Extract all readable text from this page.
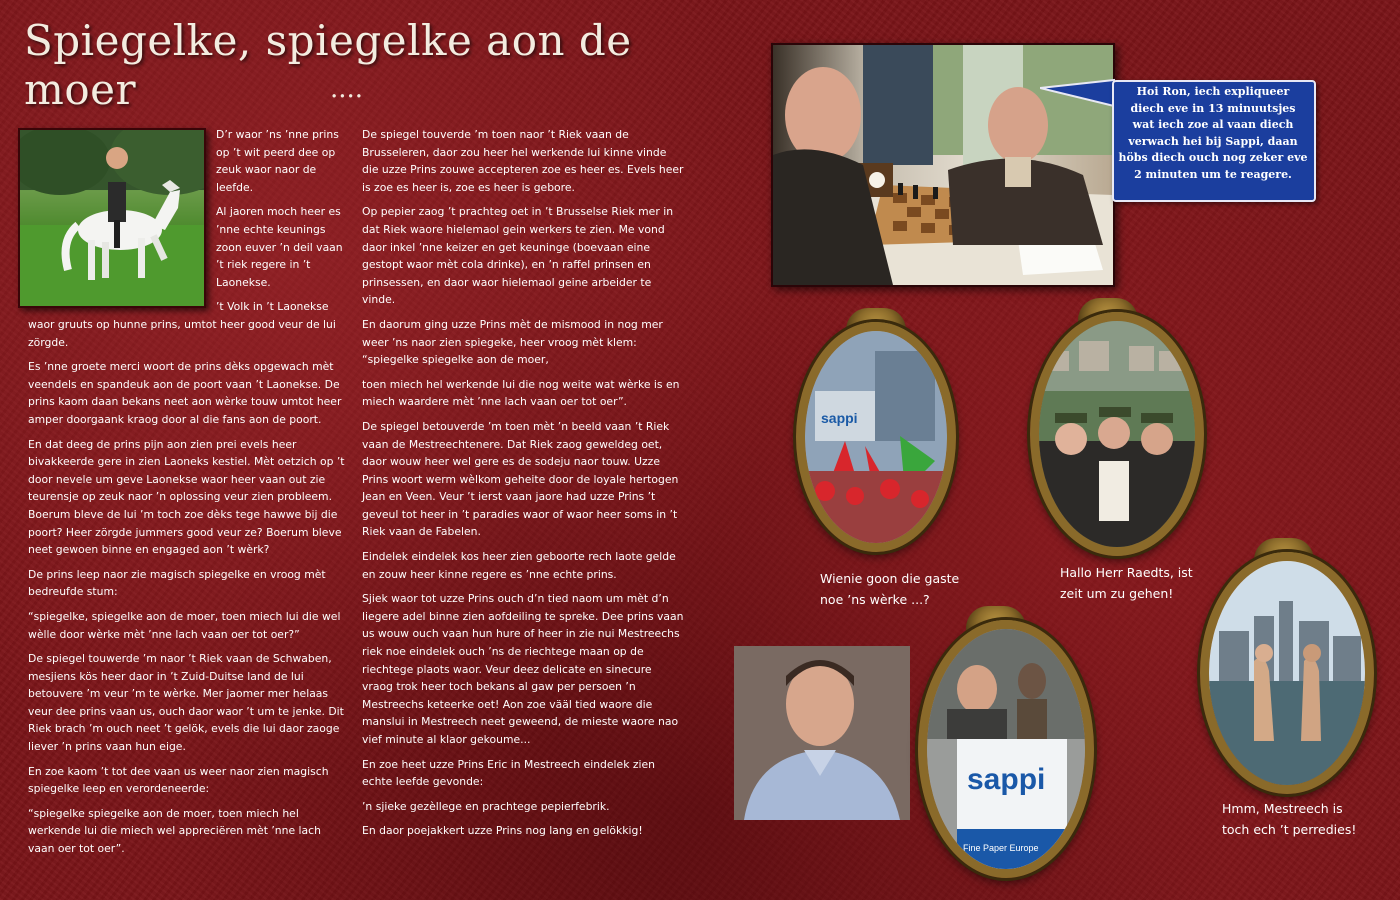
Spiegelke, spiegelke aon de moer	....

D’r waor ’ns ’nne prins op ’t wit peerd dee op zeuk waor naor de leefde.

Al jaoren moch heer es ’nne echte keunings zoon euver ’n deil vaan ’t riek regere in ’t Laonekse.

’t Volk in ’t Laonekse

waor gruuts op hunne prins, umtot heer good veur de lui zörgde.

Es ’nne groete merci woort de prins dèks opgewach mèt veendels en spandeuk aon de poort vaan ’t Laonekse. De prins kaom daan bekans neet aon wèrke touw umtot heer amper doorgaank kraog door al die fans aon de poort.

En dat deeg de prins pijn aon zien prei evels heer bivakkeerde gere in zien Laoneks kestiel. Mèt oetzich op ’t door nevele um geve Laonekse waor heer vaan out zie teurensje op zeuk naor ’n oplossing veur zien probleem. Boerum bleve de lui ’m toch zoe dèks tege hawwe bij die poort? Heer zörgde jummers good veur ze? Boerum bleve neet gewoen binne en engaged aon ’t wèrk?

De prins leep naor zie magisch spiegelke en vroog mèt bedreufde stum:

“spiegelke, spiegelke aon de moer, toen miech lui die wel wèlle door wèrke mèt ’nne lach vaan oer tot oer?”

De spiegel touwerde ’m naor ’t Riek vaan de Schwaben, mesjiens kös heer daor in ’t Zuid-Duitse land de lui betouvere ’m veur ’m te wèrke. Mer jaomer mer helaas veur dee prins vaan us, ouch daor waor ’t um te jenke. Dit Riek brach ’m ouch neet ’t gelök, evels die lui daor zaoge liever ’n prins vaan hun eige.

En zoe kaom ’t tot dee vaan us weer naor zien magisch spiegelke leep en verordeneerde:

“spiegelke spiegelke aon de moer, toen miech hel werkende lui die miech wel appreciëren mèt ’nne lach vaan oer tot oer”.

De spiegel touverde ’m toen naor ’t Riek vaan de Brusseleren, daor zou heer hel werkende lui kinne vinde die uzze Prins zouwe accepteren zoe es heer es. Evels heer is zoe es heer is, zoe es heer is gebore.

Op pepier zaog ’t prachteg oet in ’t Brusselse Riek mer in dat Riek waore hielemaol gein werkers te zien. Me vond daor inkel ’nne keizer en get keuninge (boevaan eine gestopt waor mèt cola drinke), en ’n raffel prinsen en prinsessen, en daor waor hielemaol geine arbeider te vinde.

En daorum ging uzze Prins mèt de mismood in nog mer weer ’ns naor zien spiegeke, heer vroog mèt klem: “spiegelke spiegelke aon de moer,

toen miech hel werkende lui die nog weite wat wèrke is en miech waardere mèt ’nne lach vaan oer tot oer”.

De spiegel betouverde ’m toen mèt ’n beeld vaan ’t Riek vaan de Mestreechtenere. Dat Riek zaog geweldeg oet, daor wouw heer wel gere es de sodeju naor touw. Uzze Prins woort werm wèlkom geheite door de loyale hertogen Jean en Veen. Veur ’t ierst vaan jaore had uzze Prins ’t geveul tot heer in ’t paradies waor of waor heer soms in ’t Riek vaan de Fabelen.

Eindelek eindelek kos heer zien geboorte rech laote gelde en zouw heer kinne regere es ’nne echte prins.

Sjiek waor tot uzze Prins ouch d’n tied naom um mèt d’n liegere adel binne zien aofdeiling te spreke. Dee prins vaan us wouw ouch vaan hun hure of heer in zie nui Mestreechs riek noe eindelek ouch ’ns de riechtege maan op de riechtege plaots waor. Veur deez delicate en sinecure vraog trok heer toch bekans al gaw per persoen ’n Mestreechs keteerke oet! Aon zoe vääl tied waore die manslui in Mestreech neet geweend, de mieste waore nao vief minute al klaor gekoume...

En zoe heet uzze Prins Eric in Mestreech eindelek zien echte leefde gevonde:

’n sjieke gezèllege en prachtege pepierfebrik.

En daor poejakkert uzze Prins nog lang en gelökkig!

Hoi Ron, iech expliqueer diech eve in 13 minuutsjes wat iech zoe al vaan diech verwach hei bij Sappi, daan höbs diech ouch nog zeker eve 2 minuten um te reagere.
sappi
Wienie goon die gaste noe ’ns wèrke ...?
Hallo Herr Raedts, ist zeit um zu gehen!
Hmm, Mestreech is toch ech ’t perredies!
sappi
Fine Paper Europe
